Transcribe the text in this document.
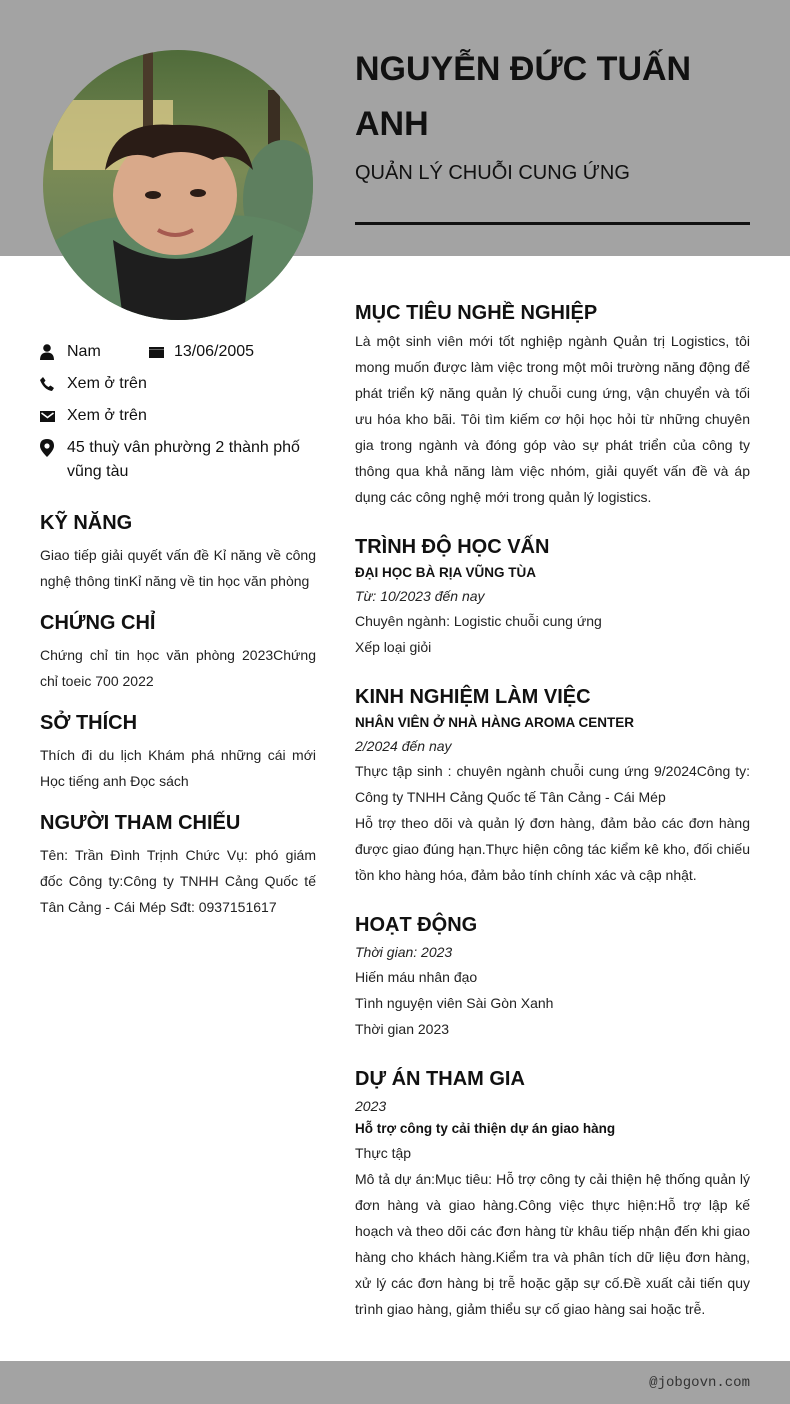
NGUYỄN ĐỨC TUẤN ANH
QUẢN LÝ CHUỖI CUNG ỨNG
Nam	13/06/2005
Xem ở trên
Xem ở trên
45 thuỳ vân phường 2 thành phố vũng tàu
KỸ NĂNG
Giao tiếp giải quyết vấn đề Kỉ năng về công nghệ thông tinKỉ năng về tin học văn phòng
CHỨNG CHỈ
Chứng chỉ tin học văn phòng 2023Chứng chỉ toeic 700 2022
SỞ THÍCH
Thích đi du lịch Khám phá những cái mới Học tiếng anh Đọc sách
NGƯỜI THAM CHIẾU
Tên: Trần Đình Trịnh Chức Vụ: phó giám đốc Công ty:Công ty TNHH Cảng Quốc tế Tân Cảng - Cái Mép Sđt: 0937151617
MỤC TIÊU NGHỀ NGHIỆP
Là một sinh viên mới tốt nghiệp ngành Quản trị Logistics, tôi mong muốn được làm việc trong một môi trường năng động để phát triển kỹ năng quản lý chuỗi cung ứng, vận chuyển và tối ưu hóa kho bãi. Tôi tìm kiếm cơ hội học hỏi từ những chuyên gia trong ngành và đóng góp vào sự phát triển của công ty thông qua khả năng làm việc nhóm, giải quyết vấn đề và áp dụng các công nghệ mới trong quản lý logistics.
TRÌNH ĐỘ HỌC VẤN
ĐẠI HỌC BÀ RỊA VŨNG TÙA
Từ: 10/2023 đến nay
Chuyên ngành: Logistic chuỗi cung ứng
Xếp loại giỏi
KINH NGHIỆM LÀM VIỆC
NHÂN VIÊN Ở NHÀ HÀNG AROMA CENTER
2/2024 đến nay
Thực tập sinh : chuyên ngành chuỗi cung ứng 9/2024Công ty: Công ty TNHH Cảng Quốc tế Tân Cảng - Cái Mép
Hỗ trợ theo dõi và quản lý đơn hàng, đảm bảo các đơn hàng được giao đúng hạn.Thực hiện công tác kiểm kê kho, đối chiếu tồn kho hàng hóa, đảm bảo tính chính xác và cập nhật.
HOẠT ĐỘNG
Thời gian: 2023
Hiến máu nhân đạo
Tình nguyện viên Sài Gòn Xanh
Thời gian 2023
DỰ ÁN THAM GIA
2023
Hỗ trợ công ty cải thiện dự án giao hàng
Thực tập
Mô tả dự án:Mục tiêu: Hỗ trợ công ty cải thiện hệ thống quản lý đơn hàng và giao hàng.Công việc thực hiện:Hỗ trợ lập kế hoạch và theo dõi các đơn hàng từ khâu tiếp nhận đến khi giao hàng cho khách hàng.Kiểm tra và phân tích dữ liệu đơn hàng, xử lý các đơn hàng bị trễ hoặc gặp sự cố.Đề xuất cải tiến quy trình giao hàng, giảm thiểu sự cố giao hàng sai hoặc trễ.
@jobgovn.com
